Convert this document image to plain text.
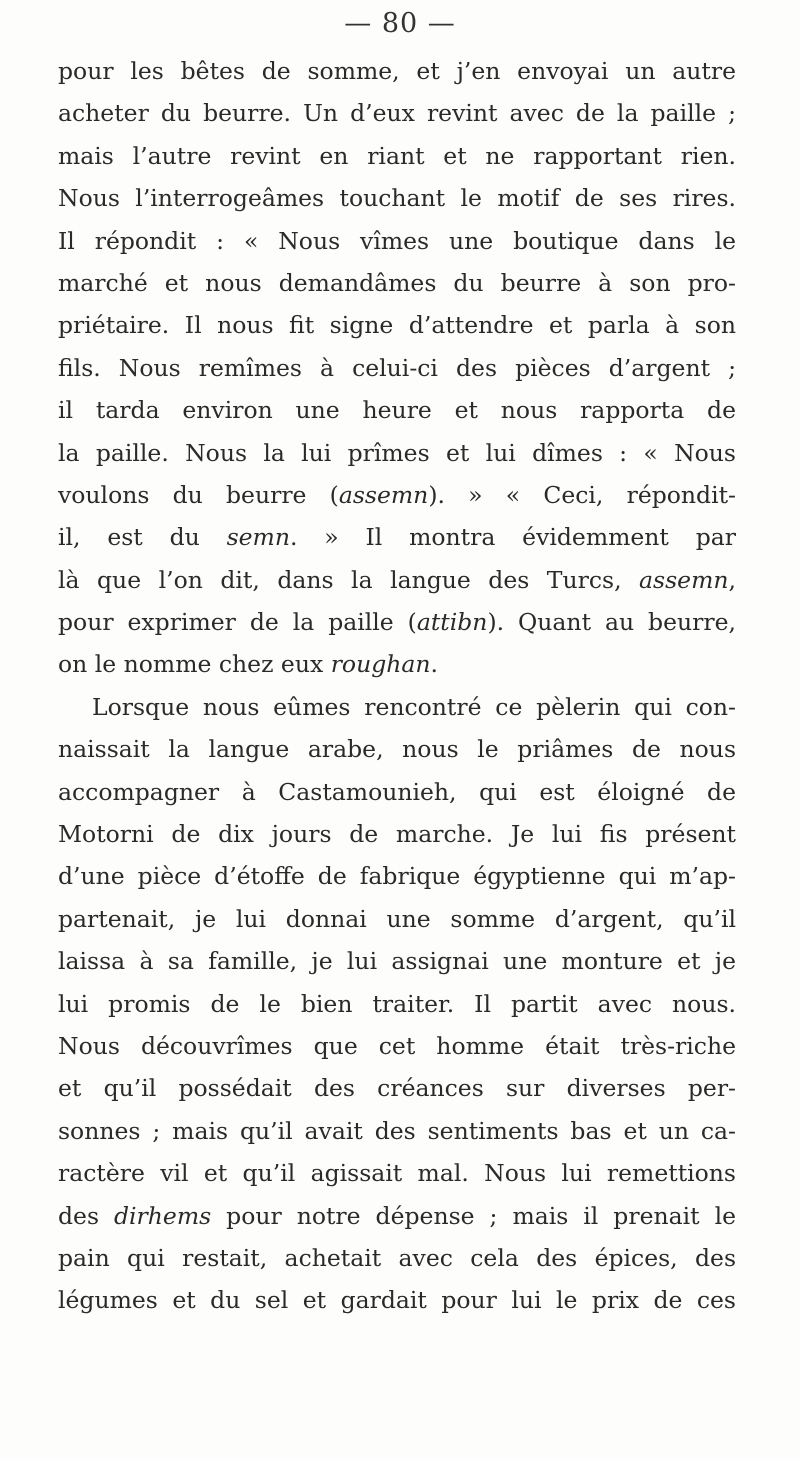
— 80 —
pour les bêtes de somme, et j’en envoyai un autre
acheter du beurre. Un d’eux revint avec de la paille ;
mais l’autre revint en riant et ne rapportant rien.
Nous l’interrogeâmes touchant le motif de ses rires.
Il répondit : « Nous vîmes une boutique dans le
marché et nous demandâmes du beurre à son pro-
priétaire. Il nous fit signe d’attendre et parla à son
fils. Nous remîmes à celui-ci des pièces d’argent ;
il tarda environ une heure et nous rapporta de
la paille. Nous la lui prîmes et lui dîmes : « Nous
voulons du beurre (assemn). » « Ceci, répondit-
il, est du semn. » Il montra évidemment par
là que l’on dit, dans la langue des Turcs, assemn,
pour exprimer de la paille (attibn). Quant au beurre,
on le nomme chez eux roughan.
Lorsque nous eûmes rencontré ce pèlerin qui con-
naissait la langue arabe, nous le priâmes de nous
accompagner à Castamounieh, qui est éloigné de
Motorni de dix jours de marche. Je lui fis présent
d’une pièce d’étoffe de fabrique égyptienne qui m’ap-
partenait, je lui donnai une somme d’argent, qu’il
laissa à sa famille, je lui assignai une monture et je
lui promis de le bien traiter. Il partit avec nous.
Nous découvrîmes que cet homme était très-riche
et qu’il possédait des créances sur diverses per-
sonnes ; mais qu’il avait des sentiments bas et un ca-
ractère vil et qu’il agissait mal. Nous lui remettions
des dirhems pour notre dépense ; mais il prenait le
pain qui restait, achetait avec cela des épices, des
légumes et du sel et gardait pour lui le prix de ces
